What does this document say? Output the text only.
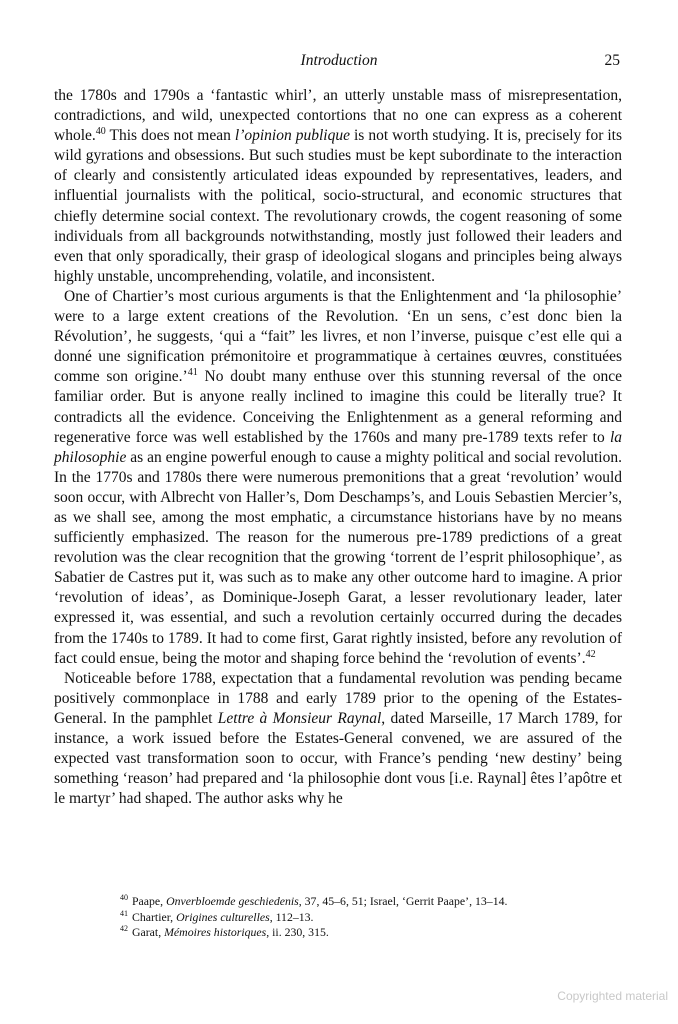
Introduction	25

the 1780s and 1790s a ‘fantastic whirl’, an utterly unstable mass of misrepresentation, contradictions, and wild, unexpected contortions that no one can express as a coherent whole.$^{40}$ This does not mean l’opinion publique is not worth studying. It is, precisely for its wild gyrations and obsessions. But such studies must be kept subordinate to the interaction of clearly and consistently articulated ideas expounded by representatives, leaders, and influential journalists with the political, socio-structural, and economic structures that chiefly determine social context. The revolutionary crowds, the cogent reasoning of some individuals from all backgrounds notwithstanding, mostly just followed their leaders and even that only sporadically, their grasp of ideological slogans and principles being always highly unstable, uncomprehending, volatile, and inconsistent.

One of Chartier’s most curious arguments is that the Enlightenment and ‘la philosophie’ were to a large extent creations of the Revolution. ‘En un sens, c’est donc bien la Révolution’, he suggests, ‘qui a “fait” les livres, et non l’inverse, puisque c’est elle qui a donné une signification prémonitoire et programmatique à certaines œuvres, constituées comme son origine.’$^{41}$ No doubt many enthuse over this stunning reversal of the once familiar order. But is anyone really inclined to imagine this could be literally true? It contradicts all the evidence. Conceiving the Enlightenment as a general reforming and regenerative force was well established by the 1760s and many pre-1789 texts refer to la philosophie as an engine powerful enough to cause a mighty political and social revolution. In the 1770s and 1780s there were numerous premonitions that a great ‘revolution’ would soon occur, with Albrecht von Haller’s, Dom Deschamps’s, and Louis Sebastien Mercier’s, as we shall see, among the most emphatic, a circumstance historians have by no means sufficiently emphasized. The reason for the numerous pre-1789 predictions of a great revolution was the clear recognition that the growing ‘torrent de l’esprit philosophique’, as Sabatier de Castres put it, was such as to make any other outcome hard to imagine. A prior ‘revolution of ideas’, as Dominique-Joseph Garat, a lesser revolutionary leader, later expressed it, was essential, and such a revolution certainly occurred during the decades from the 1740s to 1789. It had to come first, Garat rightly insisted, before any revolution of fact could ensue, being the motor and shaping force behind the ‘revolution of events’.$^{42}$

Noticeable before 1788, expectation that a fundamental revolution was pending became positively commonplace in 1788 and early 1789 prior to the opening of the Estates-General. In the pamphlet Lettre à Monsieur Raynal, dated Marseille, 17 March 1789, for instance, a work issued before the Estates-General convened, we are assured of the expected vast transformation soon to occur, with France’s pending ‘new destiny’ being something ‘reason’ had prepared and ‘la philosophie dont vous [i.e. Raynal] êtes l’apôtre et le martyr’ had shaped. The author asks why he

$^{40}$ Paape, Onverbloemde geschiedenis, 37, 45–6, 51; Israel, ‘Gerrit Paape’, 13–14.
$^{41}$ Chartier, Origines culturelles, 112–13.
$^{42}$ Garat, Mémoires historiques, ii. 230, 315.
Copyrighted material
